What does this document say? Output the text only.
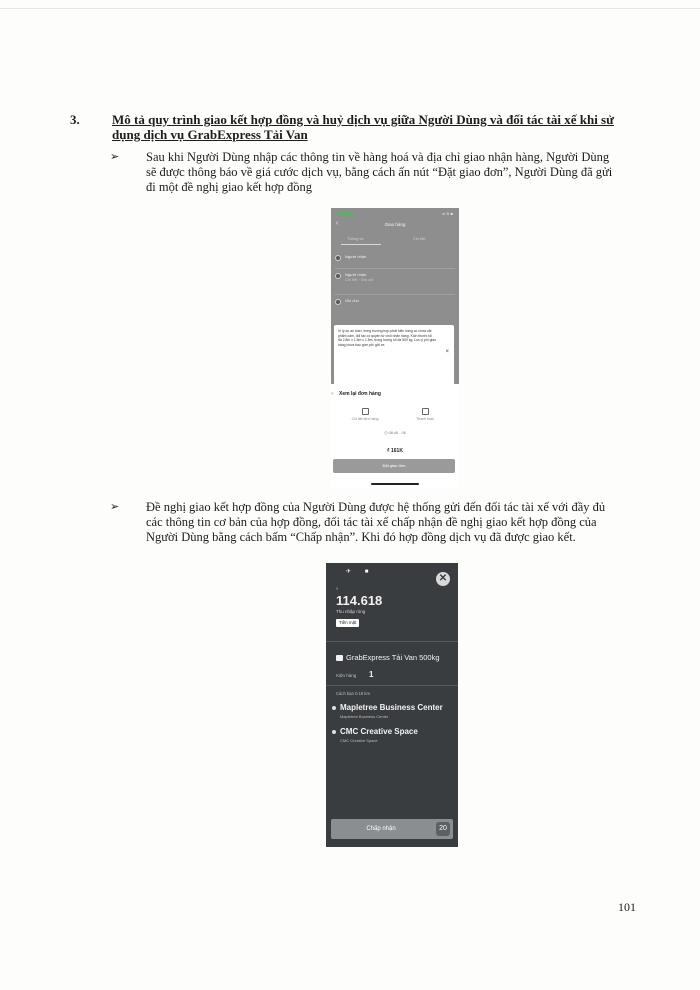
3. Mô tả quy trình giao kết hợp đồng và huỷ dịch vụ giữa Người Dùng và đối tác tài xế khi sử dụng dịch vụ GrabExpress Tải Van
➢ Sau khi Người Dùng nhập các thông tin về hàng hoá và địa chỉ giao nhận hàng, Người Dùng sẽ được thông báo về giá cước dịch vụ, bằng cách ấn nút “Đặt giao đơn”, Người Dùng đã gửi đi một đề nghị giao kết hợp đồng
•ıl ≋ ■
‹	Giao hàng
Thông tin	Chi tiết
Người nhận
Người nhận
Chi tiết · Địa chỉ
Ghi chú
Vì lý do an toàn, trong trường hợp phát hiện hàng có chứa vật phẩm cấm, đối tác có quyền từ chối nhận hàng. Kích thước tối đa 2.8m x 1.5m x 1.5m, trọng lượng tối đa 500 kg. Lưu ý phí giao hàng chưa bao gồm phí gửi xe.
×
× Xem lại đơn hàng
Chi tiết đơn hàng	Thanh toán
◷ 08:46 - 06
₫ 161K
Đặt giao đơn
➢ Đề nghị giao kết hợp đồng của Người Dùng được hệ thống gửi đến đối tác tài xế với đầy đủ các thông tin cơ bản của hợp đồng, đối tác tài xế chấp nhận đề nghị giao kết hợp đồng của Người Dùng bằng cách bấm “Chấp nhận”. Khi đó hợp đồng dịch vụ đã được giao kết.
✈ ■
✕
₫
114.618
Thu nhập ròng
Tiền mặt
GrabExpress Tải Van 500kg
Kiện hàng 1
Cách bạn 0.18 km
Mapletree Business Center
Mapletree Business Center
CMC Creative Space
CMC Creative Space
Chấp nhận	20
101
